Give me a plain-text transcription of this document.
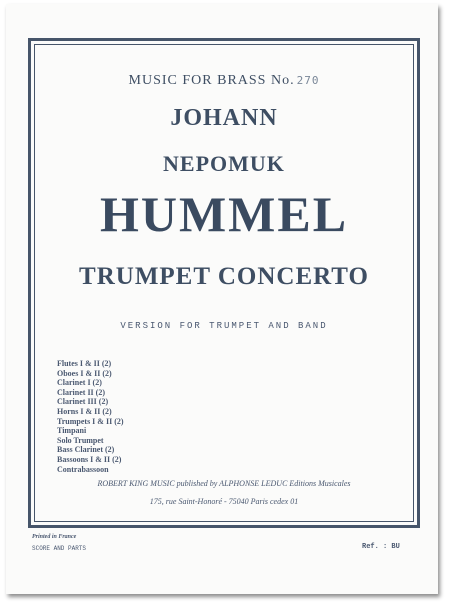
MUSIC FOR BRASS No. 270
JOHANN
NEPOMUK
HUMMEL
TRUMPET CONCERTO
VERSION FOR TRUMPET AND BAND
Flutes I & II (2)
Oboes I & II (2)
Clarinet I (2)
Clarinet II (2)
Clarinet III (2)
Horns I & II (2)
Trumpets I & II (2)
Timpani
Solo Trumpet
Bass Clarinet (2)
Bassoons I & II (2)
Contrabassoon
ROBERT KING MUSIC published by ALPHONSE LEDUC Editions Musicales
175, rue Saint-Honoré - 75040 Paris cedex 01
Printed in France
SCORE AND PARTS	Ref. : BU
